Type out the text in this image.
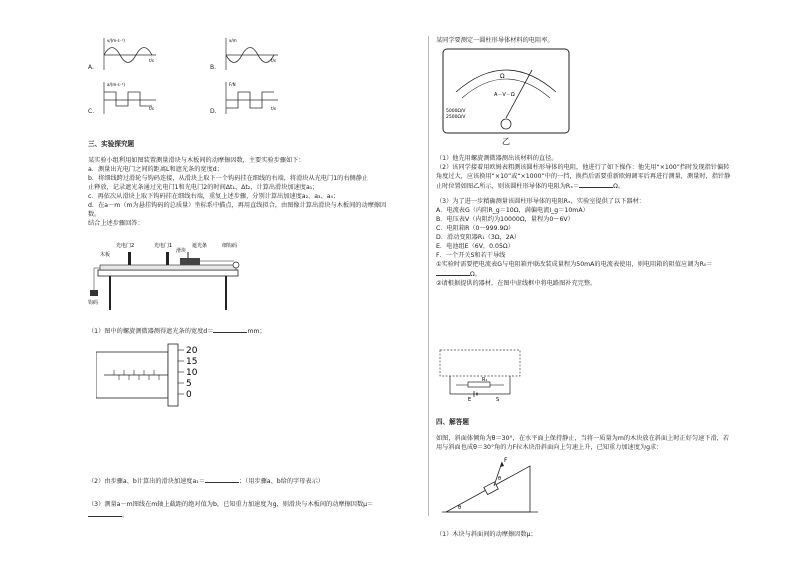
A.
v/(m·s⁻¹)
t/s
B.
x/m
t/s
C.
a/(m·s⁻²)
t/s	D.
F/N
t/s
三、实验探究题
某实验小组利用如图装置测量滑块与木板间的动摩擦因数，主要实验步骤如下：
a．测量出光电门之间的距离L和遮光条的宽度d；
b．将细线跨过滑轮与钩码连接，从滑块上取下一个钩码挂在细线的右端，将滑块从光电门1的右侧静止
止释放，记录遮光条通过光电门1和光电门2的时间Δt₁、Δt₂，计算出滑块加速度a₁；
c．再依次从滑块上取下钩码挂在细线右端，重复上述步骤，分别计算出加速度a₂、a₃、a₄；
d．在a－m（m为悬挂钩码的总质量）坐标系中描点，再用直线拟合，由图像计算出滑块与木板间的动摩擦因
数。
结合上述步骤回答：
光电门2	光电门1
滑块
遮光条	细钩码
木板
钩码
（1）图中的螺旋测微器测得遮光条的宽度d＝	mm；
20
15
10
5
0
（2）由步骤a、b计算出的滑块加速度a₁＝	；（用步骤a、b给的字母表示）
（3）测量a－m图线在m轴上截距的绝对值为b，已知重力加速度为g，则滑块与木板间的动摩擦因数μ＝
。
某同学要测定一圆柱形导体材料的电阻率。
A－V－Ω
Ω
5000Ω/V
2500Ω/V
乙
（1）他先用螺旋测微器测出该材料的直径。
（2）该同学接着用欧姆表粗测该圆柱形导体的电阻，他进行了如下操作：他先用“×100”挡时发现指针偏转
角度过大，应该换用“×10”或“×1000”中的一挡，换挡后需要重新欧姆调零后再进行测量，测量时，指针静
止时位置如图乙所示，则该圆柱形导体的电阻为Rₓ＝	Ω。
（3）为了进一步精确测量该圆柱形导体的电阻Rₓ，实验室提供了以下器材：
A．电流表G（内阻R_g＝10Ω，满偏电流I_g＝10mA）
B．电压表V（内阻约为10000Ω，量程为0～6V）
C．电阻箱R（0～999.9Ω）
D．滑动变阻器R₁（3Ω，2A）
E．电池组E（6V，0.05Ω）
F．一个开关S和若干导线
①实验时需要把电流表G与电阻箱并联改装成量程为50mA的电流表使用，则电阻箱的阻值应调为R₀＝
Ω。
②请根据提供的器材，在图中虚线框中将电路图补充完整。
R₁
E	S
四、解答题
如图，斜面体倾角为θ＝30°，在水平面上保持静止，当将一质量为m的木块放在斜面上时正好匀速下滑，若
用与斜面也成θ＝30°角的力F拉木块沿斜面向上匀速上升，已知重力加速度为g求：
F
θ
θ
（1）木块与斜面间的动摩擦因数μ；
